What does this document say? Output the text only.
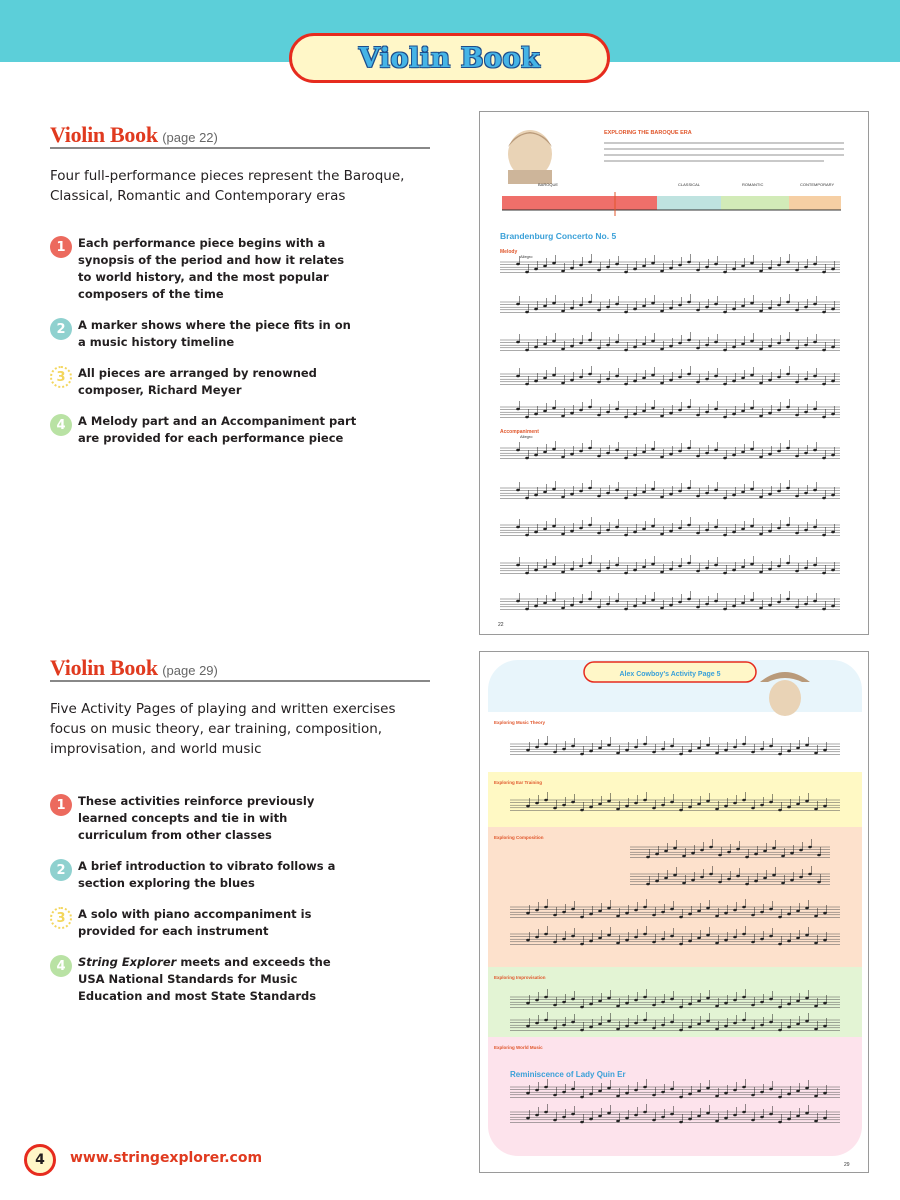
Violin Book
Violin Book (page 22)
Four full-performance pieces represent the Baroque, Classical, Romantic and Contemporary eras
1	Each performance piece begins with a synopsis of the period and how it relates to world history, and the most popular composers of the time
2	A marker shows where the piece fits in on a music history timeline
3	All pieces are arranged by renowned composer, Richard Meyer
4	A Melody part and an Accompaniment part are provided for each performance piece
Violin Book (page 29)
Five Activity Pages of playing and written exercises focus on music theory, ear training, composition, improvisation, and world music
1	These activities reinforce previously learned concepts and tie in with curriculum from other classes
2	A brief introduction to vibrato follows a section exploring the blues
3	A solo with piano accompaniment is provided for each instrument
4	String Explorer meets and exceeds the USA National Standards for Music Education and most State Standards
EXPLORING THE BAROQUE ERA
BAROQUE	CLASSICAL	ROMANTIC	CONTEMPORARY
Brandenburg Concerto No. 5
Melody
Allegro
Accompaniment
Allegro
22
Alex Cowboy's Activity Page 5
Exploring Music Theory
Exploring Ear Training
Exploring Composition
Exploring Improvisation
Exploring World Music
Reminiscence of Lady Quin Er
29
4	www.stringexplorer.com
